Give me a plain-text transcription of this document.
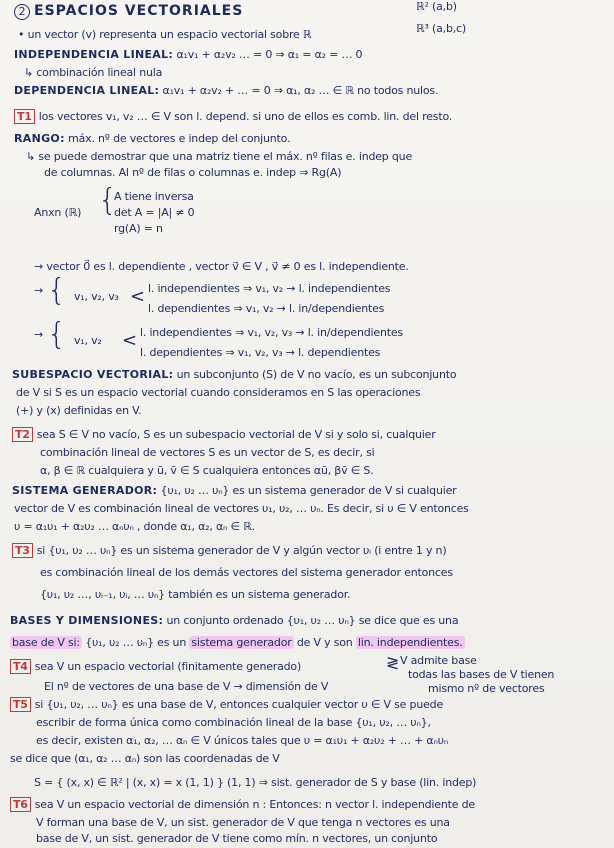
2 ESPACIOS VECTORIALES	ℝ² (a,b)
ℝ³ (a,b,c)
• un vector (v) representa un espacio vectorial sobre ℝ
INDEPENDENCIA LINEAL: α₁v₁ + α₂v₂ … = 0 ⇒ α₁ = α₂ = … 0
↳ combinación lineal nula
DEPENDENCIA LINEAL: α₁v₁ + α₂v₂ + … = 0 ⇒ α₁, α₂ … ∈ ℝ no todos nulos.
T1 los vectores v₁, v₂ … ∈ V son l. depend. si uno de ellos es comb. lin. del resto.
RANGO: máx. nº de vectores e indep del conjunto.
↳ se puede demostrar que una matriz tiene el máx. nº filas e. indep que
de columnas. Al nº de filas o columnas e. indep ⇒ Rg(A)
Anxn (ℝ) {
A tiene inversa
det A = |A| ≠ 0
rg(A) = n
→ vector 0⃗ es l. dependiente , vector v⃗ ∈ V , v⃗ ≠ 0 es l. independiente.
→ { v₁, v₂, v₃ < l. independientes ⇒ v₁, v₂ → l. independientes
l. dependientes ⇒ v₁, v₂ → l. in/dependientes
→ { v₁, v₂ < l. independientes ⇒ v₁, v₂, v₃ → l. in/dependientes
l. dependientes ⇒ v₁, v₂, v₃ → l. dependientes
SUBESPACIO VECTORIAL: un subconjunto (S) de V no vacío, es un subconjunto
de V si S es un espacio vectorial cuando consideramos en S las operaciones
(+) y (x) definidas en V.
T2 sea S ∈ V no vacío, S es un subespacio vectorial de V si y solo si, cualquier
combinación lineal de vectores S es un vector de S, es decir, si
α, β ∈ ℝ cualquiera y ū, v̄ ∈ S cualquiera entonces αū, βv̄ ∈ S.
SISTEMA GENERADOR: {υ₁, υ₂ … υₙ} es un sistema generador de V si cualquier
vector de V es combinación lineal de vectores υ₁, υ₂, … υₙ. Es decir, si υ ∈ V entonces
υ = α₁υ₁ + α₂υ₂ … αₙυₙ , donde α₁, α₂, αₙ ∈ ℝ.
T3 si {υ₁, υ₂ … υₙ} es un sistema generador de V y algún vector υᵢ (i entre 1 y n)
es combinación lineal de los demás vectores del sistema generador entonces
{υ₁, υ₂ …, υᵢ₋₁, υᵢ, … υₙ} también es un sistema generador.
BASES Y DIMENSIONES: un conjunto ordenado {υ₁, υ₂ … υₙ} se dice que es una
base de V si: {υ₁, υ₂ … υₙ} es un sistema generador de V y son lin. independientes.
T4 sea V un espacio vectorial (finitamente generado)	≷ V admite base
todas las bases de V tienen
El nº de vectores de una base de V → dimensión de V	mismo nº de vectores
T5 si {υ₁, υ₂, … υₙ} es una base de V, entonces cualquier vector υ ∈ V se puede
escribir de forma única como combinación lineal de la base {υ₁, υ₂, … υₙ},
es decir, existen α₁, α₂, … αₙ ∈ V únicos tales que υ = α₁υ₁ + α₂υ₂ + … + αₙυₙ
se dice que (α₁, α₂ … αₙ) son las coordenadas de V
S = { (x, x) ∈ ℝ² | (x, x) = x (1, 1) } (1, 1) ⇒ sist. generador de S y base (lin. indep)
T6 sea V un espacio vectorial de dimensión n : Entonces: n vector l. independiente de
V forman una base de V, un sist. generador de V que tenga n vectores es una
base de V, un sist. generador de V tiene como mín. n vectores, un conjunto
